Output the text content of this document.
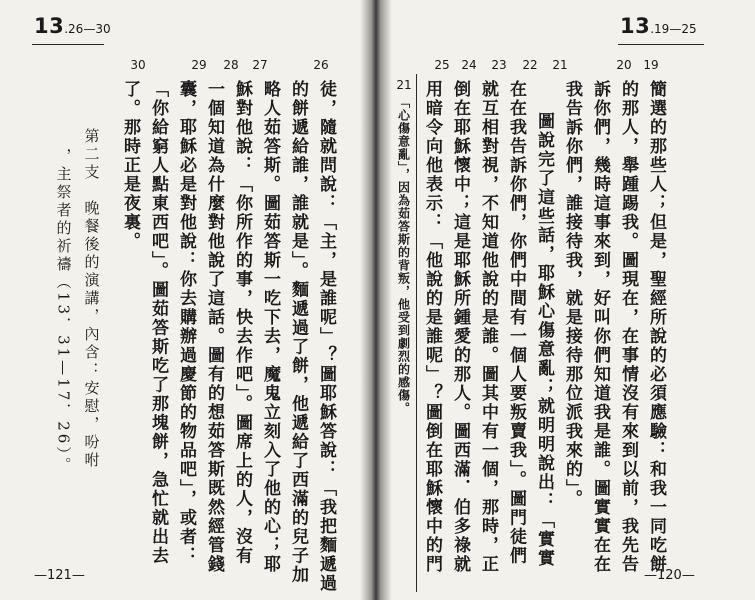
13.26—30
30	29 28 27	26
徒，隨就問說：「主，是誰呢」？圖耶穌答說：「我把麵遞過
的餅遞給誰，誰就是」。麵遞過了餅，他遞給了西滿的兒子加
略人茹答斯。圖茹答斯一吃下去，魔鬼立刻入了他的心；耶
穌對他說：「你所作的事，快去作吧」。圖席上的人，沒有
一個知道為什麼對他說了這話。圖有的想茹答斯既然經管錢
囊，耶穌必是對他說：你去購辦過慶節的物品吧」，或者：
「你給窮人點東西吧」。圖茹答斯吃了那塊餅，急忙就出去
了。那時正是夜裏。
第二支　晚餐後的演講，內含：安慰，吩咐
，主祭者的祈禱（13．31—17．26）。
—121—
13.19—25
25 24 23 22 21	20 19
簡選的那些人；但是，聖經所說的必須應驗：和我一同吃餅
的那人，舉踵踢我。圖現在，在事情沒有來到以前，我先告
訴你們，幾時這事來到，好叫你們知道我是誰。圖實實在在
我告訴你們，誰接待我，就是接待那位派我來的」。
圖說完了這些話，耶穌心傷意亂；就明明說出：「實實
在在我告訴你們，你們中間有一個人要叛賣我」。圖門徒們
就互相對視，不知道他說的是誰。圖其中有一個，那時，正
倒在耶穌懷中；這是耶穌所鍾愛的那人。圖西滿．伯多祿就
用暗令向他表示：「他說的是誰呢」？圖倒在耶穌懷中的門
21
「心傷意亂」，因為茹答斯的背叛，他受到劇烈的感傷。
—120—
